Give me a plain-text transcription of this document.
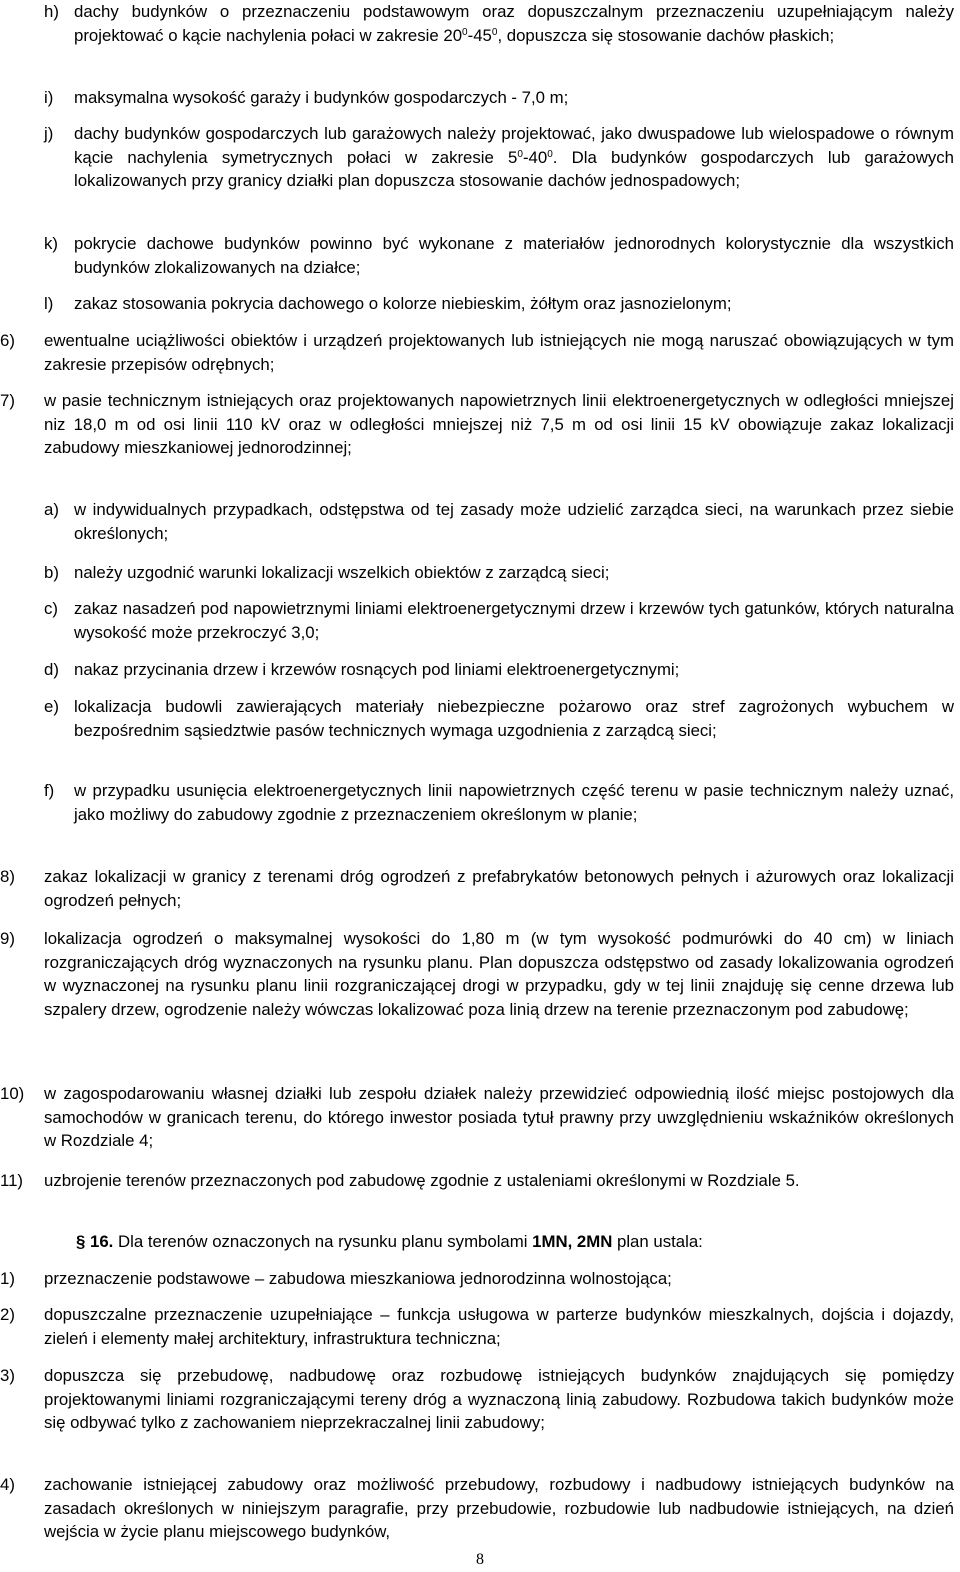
h) dachy budynków o przeznaczeniu podstawowym oraz dopuszczalnym przeznaczeniu uzupełniającym należy projektować o kącie nachylenia połaci w zakresie $20^0-45^0$, dopuszcza się stosowanie dachów płaskich;
i) maksymalna wysokość garaży i budynków gospodarczych - 7,0 m;
j) dachy budynków gospodarczych lub garażowych należy projektować, jako dwuspadowe lub wielospadowe o równym kącie nachylenia symetrycznych połaci w zakresie $5^0-40^0$. Dla budynków gospodarczych lub garażowych lokalizowanych przy granicy działki plan dopuszcza stosowanie dachów jednospadowych;
k) pokrycie dachowe budynków powinno być wykonane z materiałów jednorodnych kolorystycznie dla wszystkich budynków zlokalizowanych na działce;
l) zakaz stosowania pokrycia dachowego o kolorze niebieskim, żółtym oraz jasnozielonym;
6) ewentualne uciążliwości obiektów i urządzeń projektowanych lub istniejących nie mogą naruszać obowiązujących w tym zakresie przepisów odrębnych;
7) w pasie technicznym istniejących oraz projektowanych napowietrznych linii elektroenergetycznych w odległości mniejszej niz 18,0 m od osi linii 110 kV oraz w odległości mniejszej niż 7,5 m od osi linii 15 kV obowiązuje zakaz lokalizacji zabudowy mieszkaniowej jednorodzinnej;
a) w indywidualnych przypadkach, odstępstwa od tej zasady może udzielić zarządca sieci, na warunkach przez siebie określonych;
b) należy uzgodnić warunki lokalizacji wszelkich obiektów z zarządcą sieci;
c) zakaz nasadzeń pod napowietrznymi liniami elektroenergetycznymi drzew i krzewów tych gatunków, których naturalna wysokość może przekroczyć 3,0;
d) nakaz przycinania drzew i krzewów rosnących pod liniami elektroenergetycznymi;
e) lokalizacja budowli zawierających materiały niebezpieczne pożarowo oraz stref zagrożonych wybuchem w bezpośrednim sąsiedztwie pasów technicznych wymaga uzgodnienia z zarządcą sieci;
f) w przypadku usunięcia elektroenergetycznych linii napowietrznych część terenu w pasie technicznym należy uznać, jako możliwy do zabudowy zgodnie z przeznaczeniem określonym w planie;
8) zakaz lokalizacji w granicy z terenami dróg ogrodzeń z prefabrykatów betonowych pełnych i ażurowych oraz lokalizacji ogrodzeń pełnych;
9) lokalizacja ogrodzeń o maksymalnej wysokości do 1,80 m (w tym wysokość podmurówki do 40 cm) w liniach rozgraniczających dróg wyznaczonych na rysunku planu. Plan dopuszcza odstępstwo od zasady lokalizowania ogrodzeń w wyznaczonej na rysunku planu linii rozgraniczającej drogi w przypadku, gdy w tej linii znajduję się cenne drzewa lub szpalery drzew, ogrodzenie należy wówczas lokalizować poza linią drzew na terenie przeznaczonym pod zabudowę;
10) w zagospodarowaniu własnej działki lub zespołu działek należy przewidzieć odpowiednią ilość miejsc postojowych dla samochodów w granicach terenu, do którego inwestor posiada tytuł prawny przy uwzględnieniu wskaźników określonych w Rozdziale 4;
11) uzbrojenie terenów przeznaczonych pod zabudowę zgodnie z ustaleniami określonymi w Rozdziale 5.
1) przeznaczenie podstawowe – zabudowa mieszkaniowa jednorodzinna wolnostojąca;
2) dopuszczalne przeznaczenie uzupełniające – funkcja usługowa w parterze budynków mieszkalnych, dojścia i dojazdy, zieleń i elementy małej architektury, infrastruktura techniczna;
3) dopuszcza się przebudowę, nadbudowę oraz rozbudowę istniejących budynków znajdujących się pomiędzy projektowanymi liniami rozgraniczającymi tereny dróg a wyznaczoną linią zabudowy. Rozbudowa takich budynków może się odbywać tylko z zachowaniem nieprzekraczalnej linii zabudowy;
4) zachowanie istniejącej zabudowy oraz możliwość przebudowy, rozbudowy i nadbudowy istniejących budynków na zasadach określonych w niniejszym paragrafie, przy przebudowie, rozbudowie lub nadbudowie istniejących, na dzień wejścia w życie planu miejscowego budynków,
§ 16. Dla terenów oznaczonych na rysunku planu symbolami 1MN, 2MN plan ustala:
8
